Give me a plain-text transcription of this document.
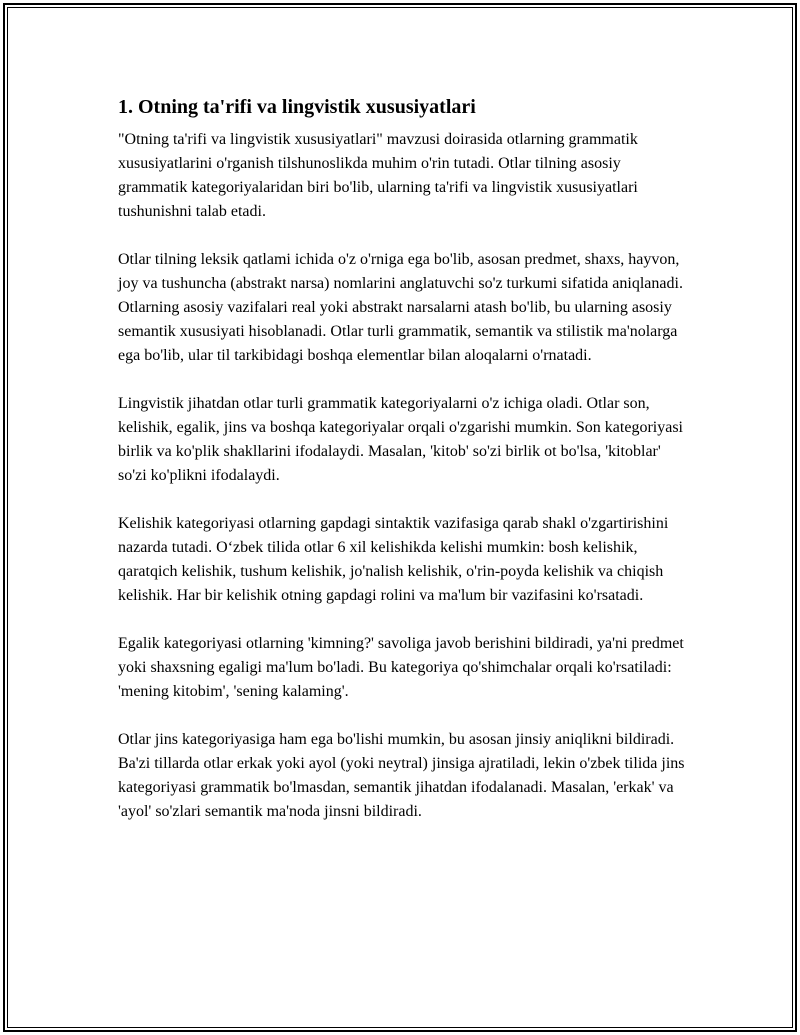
1. Otning ta'rifi va lingvistik xususiyatlari

"Otning ta'rifi va lingvistik xususiyatlari" mavzusi doirasida otlarning grammatik xususiyatlarini o'rganish tilshunoslikda muhim o'rin tutadi. Otlar tilning asosiy grammatik kategoriyalaridan biri bo'lib, ularning ta'rifi va lingvistik xususiyatlari tushunishni talab etadi.

Otlar tilning leksik qatlami ichida o'z o'rniga ega bo'lib, asosan predmet, shaxs, hayvon, joy va tushuncha (abstrakt narsa) nomlarini anglatuvchi so'z turkumi sifatida aniqlanadi. Otlarning asosiy vazifalari real yoki abstrakt narsalarni atash bo'lib, bu ularning asosiy semantik xususiyati hisoblanadi. Otlar turli grammatik, semantik va stilistik ma'nolarga ega bo'lib, ular til tarkibidagi boshqa elementlar bilan aloqalarni o'rnatadi.

Lingvistik jihatdan otlar turli grammatik kategoriyalarni o'z ichiga oladi. Otlar son, kelishik, egalik, jins va boshqa kategoriyalar orqali o'zgarishi mumkin. Son kategoriyasi birlik va ko'plik shakllarini ifodalaydi. Masalan, 'kitob' so'zi birlik ot bo'lsa, 'kitoblar' so'zi ko'plikni ifodalaydi.

Kelishik kategoriyasi otlarning gapdagi sintaktik vazifasiga qarab shakl o'zgartirishini nazarda tutadi. O‘zbek tilida otlar 6 xil kelishikda kelishi mumkin: bosh kelishik, qaratqich kelishik, tushum kelishik, jo'nalish kelishik, o'rin-poyda kelishik va chiqish kelishik. Har bir kelishik otning gapdagi rolini va ma'lum bir vazifasini ko'rsatadi.

Egalik kategoriyasi otlarning 'kimning?' savoliga javob berishini bildiradi, ya'ni predmet yoki shaxsning egaligi ma'lum bo'ladi. Bu kategoriya qo'shimchalar orqali ko'rsatiladi: 'mening kitobim', 'sening kalaming'.

Otlar jins kategoriyasiga ham ega bo'lishi mumkin, bu asosan jinsiy aniqlikni bildiradi. Ba'zi tillarda otlar erkak yoki ayol (yoki neytral) jinsiga ajratiladi, lekin o'zbek tilida jins kategoriyasi grammatik bo'lmasdan, semantik jihatdan ifodalanadi. Masalan, 'erkak' va 'ayol' so'zlari semantik ma'noda jinsni bildiradi.
